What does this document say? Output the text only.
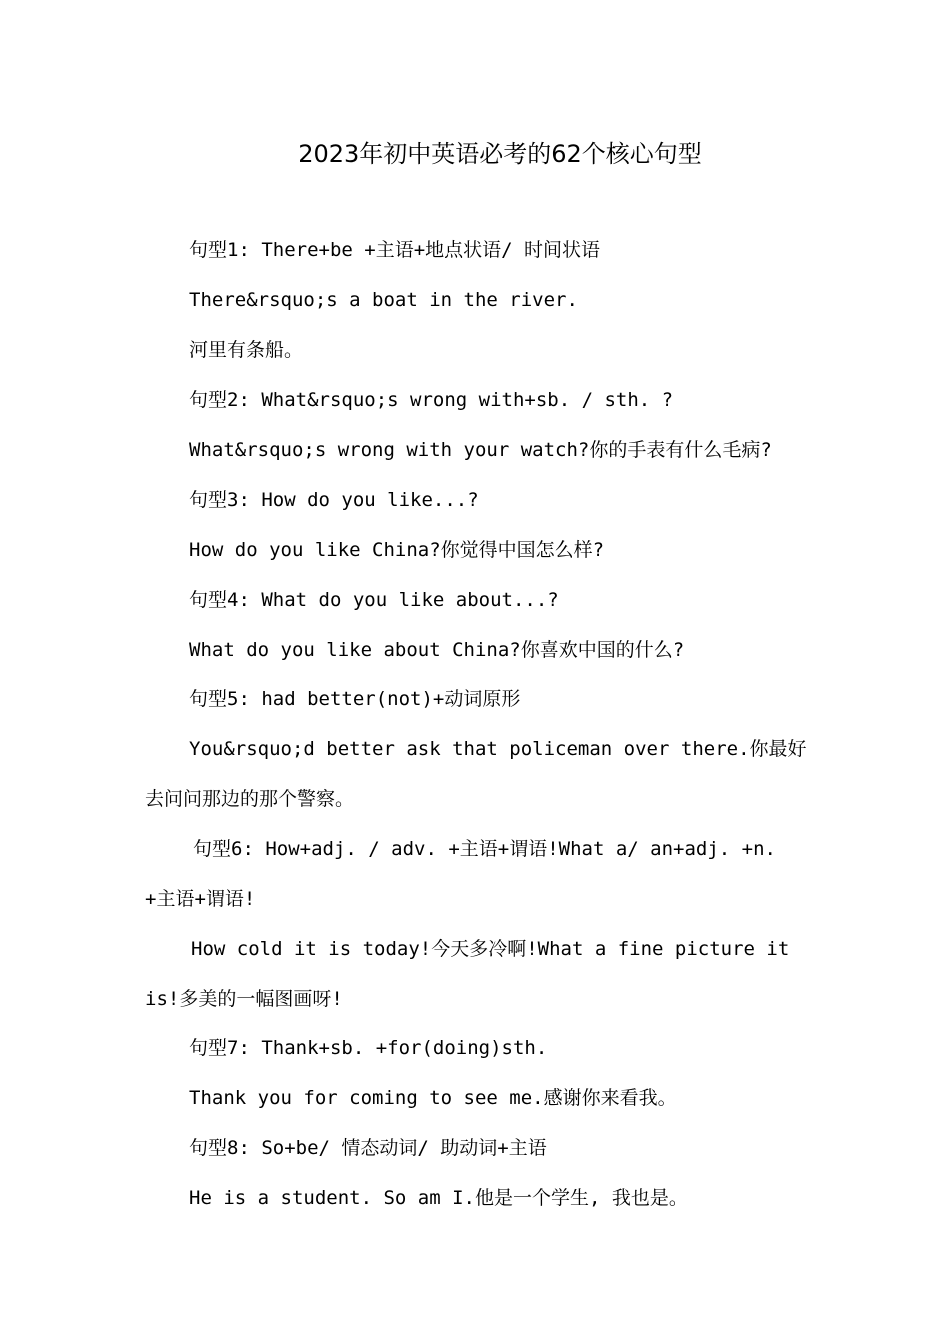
2023年初中英语必考的62个核心句型

句型1: There+be +主语+地点状语/ 时间状语

There&rsquo;s a boat in the river.

河里有条船。

句型2: What&rsquo;s wrong with+sb. / sth. ?

What&rsquo;s wrong with your watch?你的手表有什么毛病?

句型3: How do you like...?

How do you like China?你觉得中国怎么样?

句型4: What do you like about...?

What do you like about China?你喜欢中国的什么?

句型5: had better(not)+动词原形

You&rsquo;d better ask that policeman over there.你最好

去问问那边的那个警察。

句型6: How+adj. / adv. +主语+谓语!What a/ an+adj. +n.

+主语+谓语!

How cold it is today!今天多冷啊!What a fine picture it

is!多美的一幅图画呀!

句型7: Thank+sb. +for(doing)sth.

Thank you for coming to see me.感谢你来看我。

句型8: So+be/ 情态动词/ 助动词+主语

He is a student. So am I.他是一个学生, 我也是。
